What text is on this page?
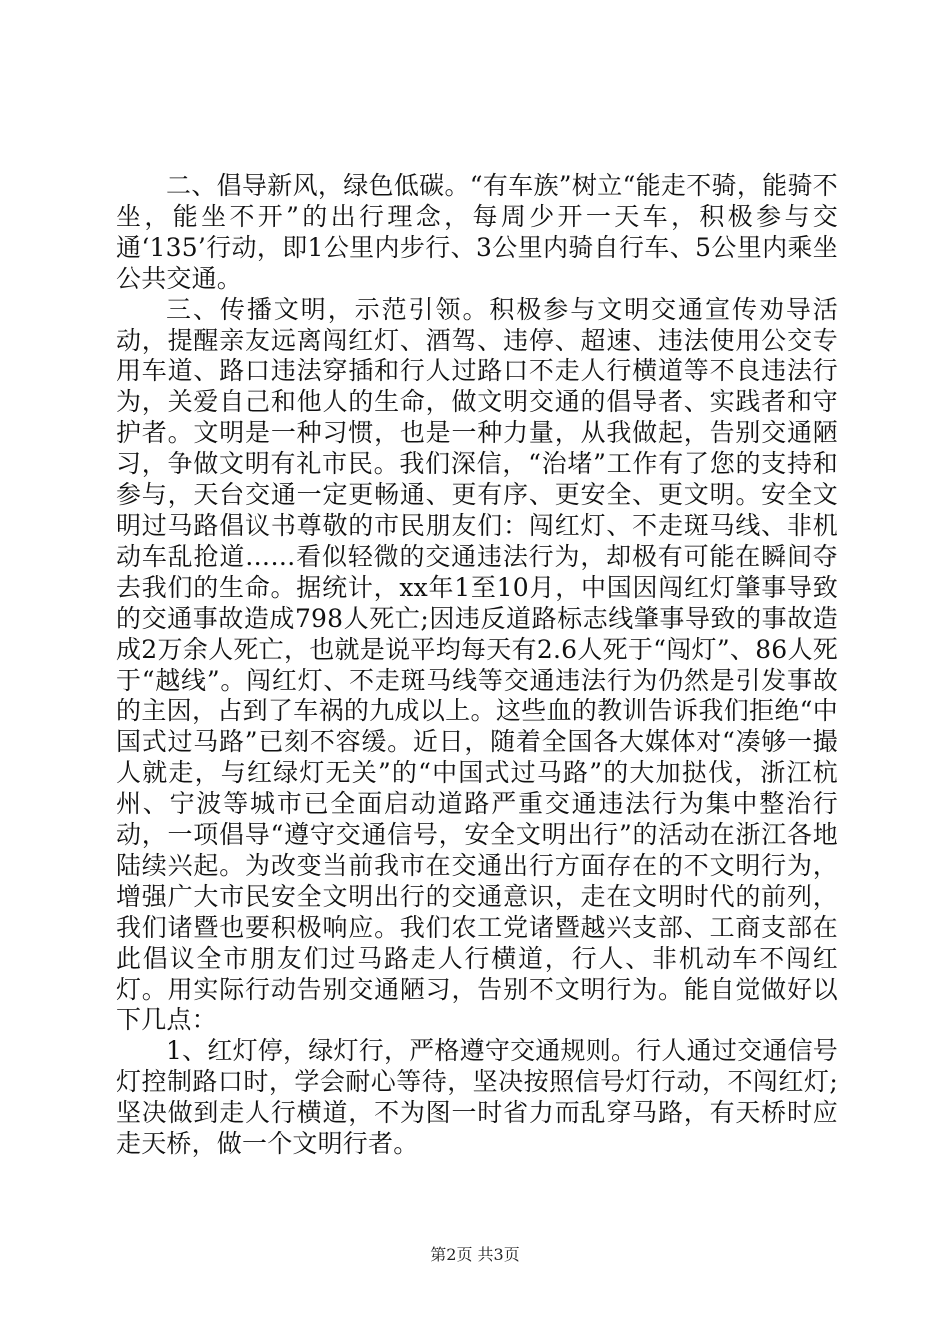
二、倡导新风，绿色低碳。“有车族”树立“能走不骑，能骑不坐，能坐不开”的出行理念，每周少开一天车，积极参与交通‘135’行动，即1公里内步行、3公里内骑自行车、5公里内乘坐公共交通。

三、传播文明，示范引领。积极参与文明交通宣传劝导活动，提醒亲友远离闯红灯、酒驾、违停、超速、违法使用公交专用车道、路口违法穿插和行人过路口不走人行横道等不良违法行为，关爱自己和他人的生命，做文明交通的倡导者、实践者和守护者。文明是一种习惯，也是一种力量，从我做起，告别交通陋习，争做文明有礼市民。我们深信，“治堵”工作有了您的支持和参与，天台交通一定更畅通、更有序、更安全、更文明。安全文明过马路倡议书尊敬的市民朋友们：闯红灯、不走斑马线、非机动车乱抢道……看似轻微的交通违法行为，却极有可能在瞬间夺去我们的生命。据统计，xx年1至10月，中国因闯红灯肇事导致的交通事故造成798人死亡;因违反道路标志线肇事导致的事故造成2万余人死亡，也就是说平均每天有2.6人死于“闯灯”、86人死于“越线”。闯红灯、不走斑马线等交通违法行为仍然是引发事故的主因，占到了车祸的九成以上。这些血的教训告诉我们拒绝“中国式过马路”已刻不容缓。近日，随着全国各大媒体对“凑够一撮人就走，与红绿灯无关”的“中国式过马路”的大加挞伐，浙江杭州、宁波等城市已全面启动道路严重交通违法行为集中整治行动，一项倡导“遵守交通信号，安全文明出行”的活动在浙江各地陆续兴起。为改变当前我市在交通出行方面存在的不文明行为，增强广大市民安全文明出行的交通意识，走在文明时代的前列，我们诸暨也要积极响应。我们农工党诸暨越兴支部、工商支部在此倡议全市朋友们过马路走人行横道，行人、非机动车不闯红灯。用实际行动告别交通陋习，告别不文明行为。能自觉做好以下几点：

1、红灯停，绿灯行，严格遵守交通规则。行人通过交通信号灯控制路口时，学会耐心等待，坚决按照信号灯行动，不闯红灯;坚决做到走人行横道，不为图一时省力而乱穿马路，有天桥时应走天桥，做一个文明行者。

第2页 共3页
